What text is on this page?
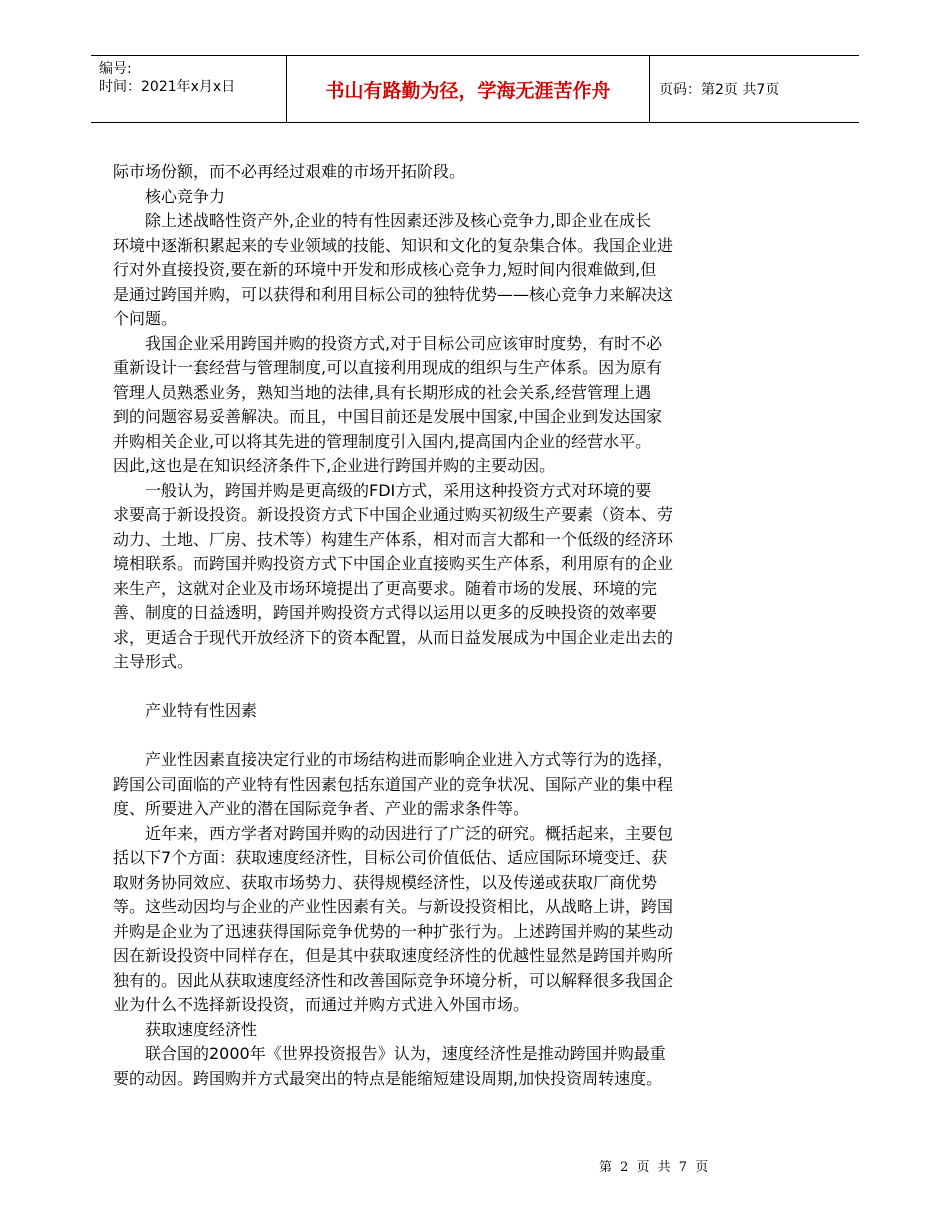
编号:
时间：2021年x月x日	书山有路勤为径，学海无涯苦作舟	页码：第2页 共7页
际市场份额，而不必再经过艰难的市场开拓阶段。
核心竞争力
除上述战略性资产外,企业的特有性因素还涉及核心竞争力,即企业在成长
环境中逐渐积累起来的专业领域的技能、知识和文化的复杂集合体。我国企业进
行对外直接投资,要在新的环境中开发和形成核心竞争力,短时间内很难做到,但
是通过跨国并购，可以获得和利用目标公司的独特优势——核心竞争力来解决这
个问题。
我国企业采用跨国并购的投资方式,对于目标公司应该审时度势，有时不必
重新设计一套经营与管理制度,可以直接利用现成的组织与生产体系。因为原有
管理人员熟悉业务，熟知当地的法律,具有长期形成的社会关系,经营管理上遇
到的问题容易妥善解决。而且，中国目前还是发展中国家,中国企业到发达国家
并购相关企业,可以将其先进的管理制度引入国内,提高国内企业的经营水平。
因此,这也是在知识经济条件下,企业进行跨国并购的主要动因。
一般认为，跨国并购是更高级的FDI方式，采用这种投资方式对环境的要
求要高于新设投资。新设投资方式下中国企业通过购买初级生产要素（资本、劳
动力、土地、厂房、技术等）构建生产体系，相对而言大都和一个低级的经济环
境相联系。而跨国并购投资方式下中国企业直接购买生产体系，利用原有的企业
来生产，这就对企业及市场环境提出了更高要求。随着市场的发展、环境的完
善、制度的日益透明，跨国并购投资方式得以运用以更多的反映投资的效率要
求，更适合于现代开放经济下的资本配置，从而日益发展成为中国企业走出去的
主导形式。
产业特有性因素
产业性因素直接决定行业的市场结构进而影响企业进入方式等行为的选择，
跨国公司面临的产业特有性因素包括东道国产业的竞争状况、国际产业的集中程
度、所要进入产业的潜在国际竞争者、产业的需求条件等。
近年来，西方学者对跨国并购的动因进行了广泛的研究。概括起来，主要包
括以下7个方面：获取速度经济性，目标公司价值低估、适应国际环境变迁、获
取财务协同效应、获取市场势力、获得规模经济性，以及传递或获取厂商优势
等。这些动因均与企业的产业性因素有关。与新设投资相比，从战略上讲，跨国
并购是企业为了迅速获得国际竞争优势的一种扩张行为。上述跨国并购的某些动
因在新设投资中同样存在，但是其中获取速度经济性的优越性显然是跨国并购所
独有的。因此从获取速度经济性和改善国际竞争环境分析，可以解释很多我国企
业为什么不选择新设投资，而通过并购方式进入外国市场。
获取速度经济性
联合国的2000年《世界投资报告》认为，速度经济性是推动跨国并购最重
要的动因。跨国购并方式最突出的特点是能缩短建设周期,加快投资周转速度。
第 2 页 共 7 页
